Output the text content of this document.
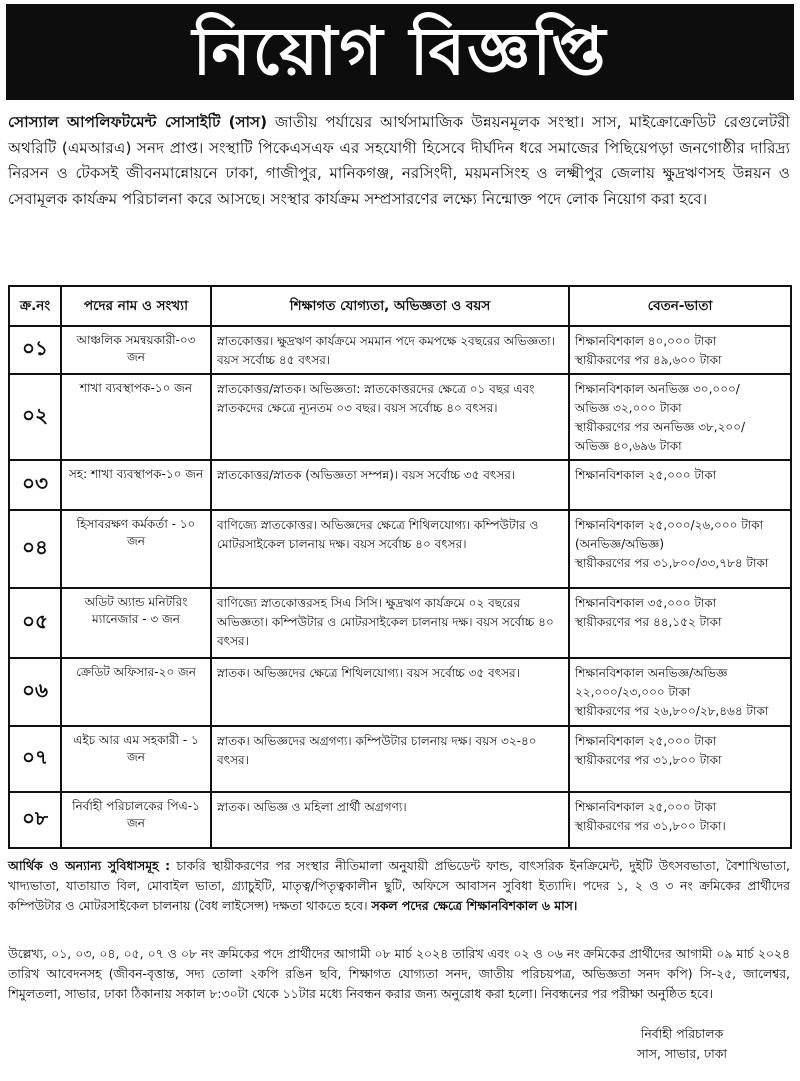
নিয়োগ বিজ্ঞপ্তি
সোস্যাল আপলিফটমেন্ট সোসাইটি (সাস) জাতীয় পর্যায়ের আর্থসামাজিক উন্নয়নমূলক সংস্থা। সাস, মাইক্রোক্রেডিট রেগুলেটরী অথরিটি (এমআরএ) সনদ প্রাপ্ত। সংস্থাটি পিকেএসএফ এর সহযোগী হিসেবে দীর্ঘদিন ধরে সমাজের পিছিয়েপড়া জনগোষ্ঠীর দারিদ্র্য নিরসন ও টেকসই জীবনমান্নোয়নে ঢাকা, গাজীপুর, মানিকগঞ্জ, নরসিংদী, ময়মনসিংহ ও লক্ষ্মীপুর জেলায় ক্ষুদ্রঋণসহ উন্নয়ন ও সেবামূলক কার্যক্রম পরিচালনা করে আসছে। সংস্থার কার্যক্রম সম্প্রসারণের লক্ষ্যে নিন্মোক্ত পদে লোক নিয়োগ করা হবে।
ক্র.নং	পদের নাম ও সংখ্যা	শিক্ষাগত যোগ্যতা, অভিজ্ঞতা ও বয়স	বেতন-ভাতা
০১	আঞ্চলিক সমন্বয়কারী-০৩ জন	স্নাতকোত্তর। ক্ষুদ্রঋণ কার্যক্রমে সমমান পদে কমপক্ষে ২বছরের অভিজ্ঞতা। বয়স সর্বোচ্চ ৪৫ বৎসর।	শিক্ষানবিশকাল ৪০,০০০ টাকা
স্থায়ীকরণের পর ৪৯,৬০০ টাকা

০২	শাখা ব্যবস্থাপক-১০ জন	স্নাতকোত্তর/স্নাতক। অভিজ্ঞতা: স্নাতকোত্তরদের ক্ষেত্রে ০১ বছর এবং স্নাতকদের ক্ষেত্রে ন্যূনতম ০৩ বছর। বয়স সর্বোচ্চ ৪০ বৎসর।	শিক্ষানবিশকাল অনভিজ্ঞ ৩০,০০০/
অভিজ্ঞ ৩২,০০০ টাকা
স্থায়ীকরণের পর অনভিজ্ঞ ৩৮,২০০/
অভিজ্ঞ ৪০,৬৯৬ টাকা

০৩	সহ: শাখা ব্যবস্থাপক-১০ জন	স্নাতকোত্তর/স্নাতক (অভিজ্ঞতা সম্পন্ন)। বয়স সর্বোচ্চ ৩৫ বৎসর।	শিক্ষানবিশকাল ২৫,০০০ টাকা

০৪	হিসাবরক্ষণ কর্মকর্তা - ১০ জন	বাণিজ্যে স্নাতকোত্তর। অভিজ্ঞদের ক্ষেত্রে শিথিলযোগ্য। কম্পিউটার ও মোটরসাইকেল চালনায় দক্ষ। বয়স সর্বোচ্চ ৪০ বৎসর।	শিক্ষানবিশকাল ২৫,০০০/২৬,০০০ টাকা
(অনভিজ্ঞ/অভিজ্ঞ)
স্থায়ীকরণের পর ৩১,৮০০/৩৩,৭৮৪ টাকা

০৫	অডিট অ্যান্ড মনিটরিং ম্যানেজার - ৩ জন	বাণিজ্যে স্নাতকোত্তরসহ সিএ সিসি। ক্ষুদ্রঋণ কার্যক্রমে ০২ বছরের অভিজ্ঞতা। কম্পিউটার ও মোটরসাইকেল চালনায় দক্ষ। বয়স সর্বোচ্চ ৪০ বৎসর।	শিক্ষানবিশকাল ৩৫,০০০ টাকা
স্থায়ীকরণের পর ৪৪,১৫২ টাকা

০৬	ক্রেডিট অফিসার-২০ জন	স্নাতক। অভিজ্ঞদের ক্ষেত্রে শিথিলযোগ্য। বয়স সর্বোচ্চ ৩৫ বৎসর।	শিক্ষানবিশকাল অনভিজ্ঞ/অভিজ্ঞ
২২,০০০/২৩,০০০ টাকা
স্থায়ীকরণের পর ২৬,৮০০/২৮,৪৬৪ টাকা

০৭	এইচ আর এম সহকারী - ১ জন	স্নাতক। অভিজ্ঞদের অগ্রগণ্য। কম্পিউটার চালনায় দক্ষ। বয়স ৩২-৪০ বৎসর।	শিক্ষানবিশকাল ২৫,০০০ টাকা
স্থায়ীকরণের পর ৩১,৮০০ টাকা

০৮	নির্বাহী পরিচালকের পিএ-১ জন	স্নাতক। অভিজ্ঞ ও মহিলা প্রার্থী অগ্রগণ্য।	শিক্ষানবিশকাল ২৫,০০০ টাকা
স্থায়ীকরণের পর ৩১,৮০০ টাকা।
আর্থিক ও অন্যান্য সুবিধাসমূহ : চাকরি স্থায়ীকরণের পর সংস্থার নীতিমালা অনুযায়ী প্রভিডেন্ট ফান্ড, বাৎসরিক ইনক্রিমেন্ট, দুইটি উৎসবভাতা, বৈশাখিভাতা, খাদ্যভাতা, যাতায়াত বিল, মোবাইল ভাতা, গ্র্যাচুইটি, মাতৃত্ব/পিতৃত্বকালীন ছুটি, অফিসে আবাসন সুবিধা ইত্যাদি। পদের ১, ২ ও ৩ নং ক্রমিকের প্রার্থীদের কম্পিউটার ও মোটরসাইকেল চালনায় (বৈধ লাইসেন্স) দক্ষতা থাকতে হবে। সকল পদের ক্ষেত্রে শিক্ষানবিশকাল ৬ মাস।
উল্লেখ্য, ০১, ০৩, ০৪, ০৫, ০৭ ও ০৮ নং ক্রমিকের পদে প্রার্থীদের আগামী ০৮ মার্চ ২০২৪ তারিখ এবং ০২ ও ০৬ নং ক্রমিকের প্রার্থীদের আগামী ০৯ মার্চ ২০২৪ তারিখ আবেদনসহ (জীবন-বৃত্তান্ত, সদ্য তোলা ২কপি রঙিন ছবি, শিক্ষাগত যোগ্যতা সনদ, জাতীয় পরিচয়পত্র, অভিজ্ঞতা সনদ কপি) সি-২৫, জালেশ্বর, শিমুলতলা, সাভার, ঢাকা ঠিকানায় সকাল ৮:৩০টা থেকে ১১টার মধ্যে নিবন্ধন করার জন্য অনুরোধ করা হলো। নিবন্ধনের পর পরীক্ষা অনুষ্ঠিত হবে।
নির্বাহী পরিচালক
সাস, সাভার, ঢাকা
